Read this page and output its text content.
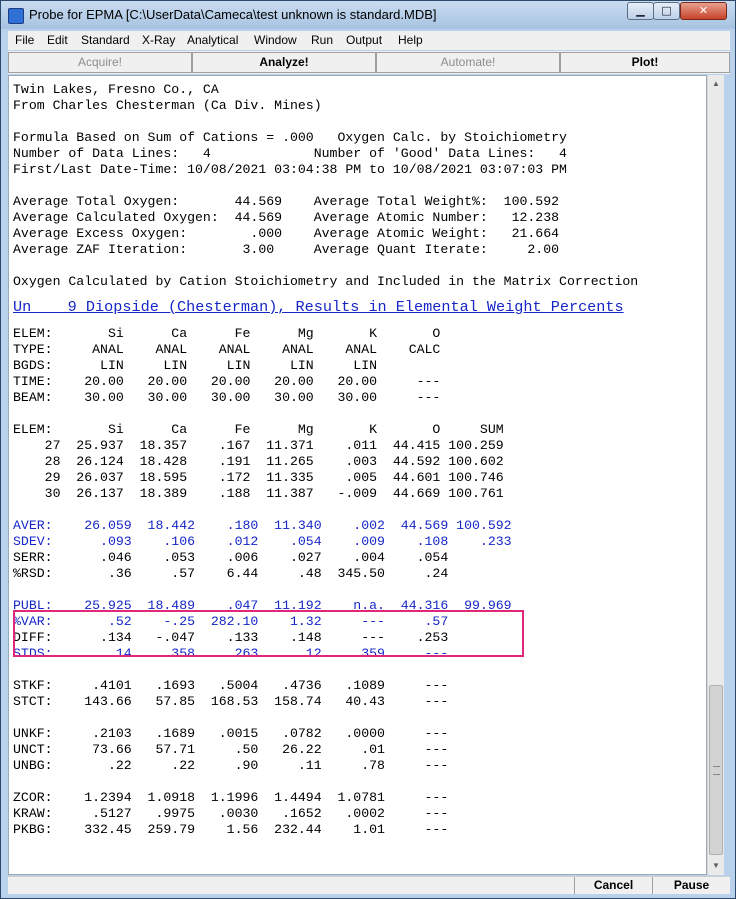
Probe for EPMA [C:\UserData\Cameca\test unknown is standard.MDB]	▁	□	✕
File Edit Standard X-Ray Analytical Window Run Output Help
Acquire!	Analyze!	Automate!	Plot!
Twin Lakes, Fresno Co., CA
From Charles Chesterman (Ca Div. Mines)

Formula Based on Sum of Cations = .000   Oxygen Calc. by Stoichiometry
Number of Data Lines:   4             Number of 'Good' Data Lines:   4
First/Last Date-Time: 10/08/2021 03:04:38 PM to 10/08/2021 03:07:03 PM

Average Total Oxygen:       44.569    Average Total Weight%:  100.592
Average Calculated Oxygen:  44.569    Average Atomic Number:   12.238
Average Excess Oxygen:        .000    Average Atomic Weight:   21.664
Average ZAF Iteration:       3.00     Average Quant Iterate:     2.00

Oxygen Calculated by Cation Stoichiometry and Included in the Matrix Correction
Un    9 Diopside (Chesterman), Results in Elemental Weight Percents
ELEM:       Si      Ca      Fe      Mg       K       O
TYPE:     ANAL    ANAL    ANAL    ANAL    ANAL    CALC
BGDS:      LIN     LIN     LIN     LIN     LIN
TIME:    20.00   20.00   20.00   20.00   20.00     ---
BEAM:    30.00   30.00   30.00   30.00   30.00     ---

ELEM:       Si      Ca      Fe      Mg       K       O     SUM
27  25.937  18.357    .167  11.371    .011  44.415 100.259
28  26.124  18.428    .191  11.265    .003  44.592 100.602
29  26.037  18.595    .172  11.335    .005  44.601 100.746
30  26.137  18.389    .188  11.387   -.009  44.669 100.761

AVER:    26.059  18.442    .180  11.340    .002  44.569 100.592
SDEV:      .093    .106    .012    .054    .009    .108    .233
SERR:      .046    .053    .006    .027    .004    .054
%RSD:       .36     .57    6.44     .48  345.50     .24

PUBL:    25.925  18.489    .047  11.192    n.a.  44.316  99.969
%VAR:       .52    -.25  282.10    1.32     ---     .57
DIFF:      .134   -.047    .133    .148     ---    .253
STDS:        14     358     263      12     359     ---

STKF:     .4101   .1693   .5004   .4736   .1089     ---
STCT:    143.66   57.85  168.53  158.74   40.43     ---

UNKF:     .2103   .1689   .0015   .0782   .0000     ---
UNCT:     73.66   57.71     .50   26.22     .01     ---
UNBG:       .22     .22     .90     .11     .78     ---

ZCOR:    1.2394  1.0918  1.1996  1.4494  1.0781     ---
KRAW:     .5127   .9975   .0030   .1652   .0002     ---
PKBG:    332.45  259.79    1.56  232.44    1.01     ---
▲
▼
Cancel	Pause
